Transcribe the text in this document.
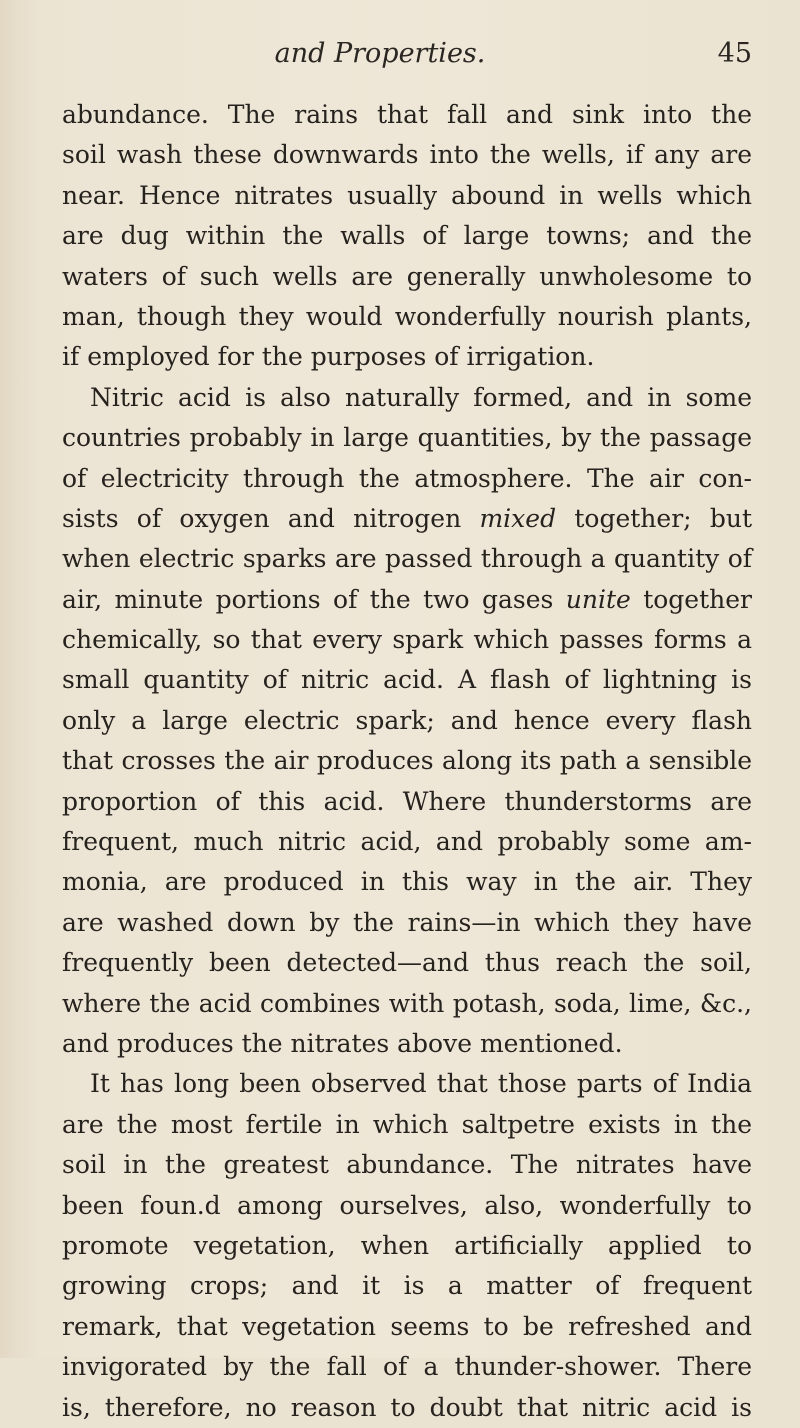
and Properties.	45
abundance. The rains that fall and sink into the
soil wash these downwards into the wells, if any are
near. Hence nitrates usually abound in wells which
are dug within the walls of large towns; and the
waters of such wells are generally unwholesome to
man, though they would wonderfully nourish plants,
if employed for the purposes of irrigation.
Nitric acid is also naturally formed, and in some
countries probably in large quantities, by the passage
of electricity through the atmosphere. The air con-
sists of oxygen and nitrogen mixed together; but
when electric sparks are passed through a quantity of
air, minute portions of the two gases unite together
chemically, so that every spark which passes forms a
small quantity of nitric acid. A flash of lightning is
only a large electric spark; and hence every flash
that crosses the air produces along its path a sensible
proportion of this acid. Where thunderstorms are
frequent, much nitric acid, and probably some am-
monia, are produced in this way in the air. They
are washed down by the rains—in which they have
frequently been detected—and thus reach the soil,
where the acid combines with potash, soda, lime, &c.,
and produces the nitrates above mentioned.
It has long been observed that those parts of India
are the most fertile in which saltpetre exists in the
soil in the greatest abundance. The nitrates have
been foun.d among ourselves, also, wonderfully to
promote vegetation, when artificially applied to
growing crops; and it is a matter of frequent
remark, that vegetation seems to be refreshed and
invigorated by the fall of a thunder-shower. There
is, therefore, no reason to doubt that nitric acid is
